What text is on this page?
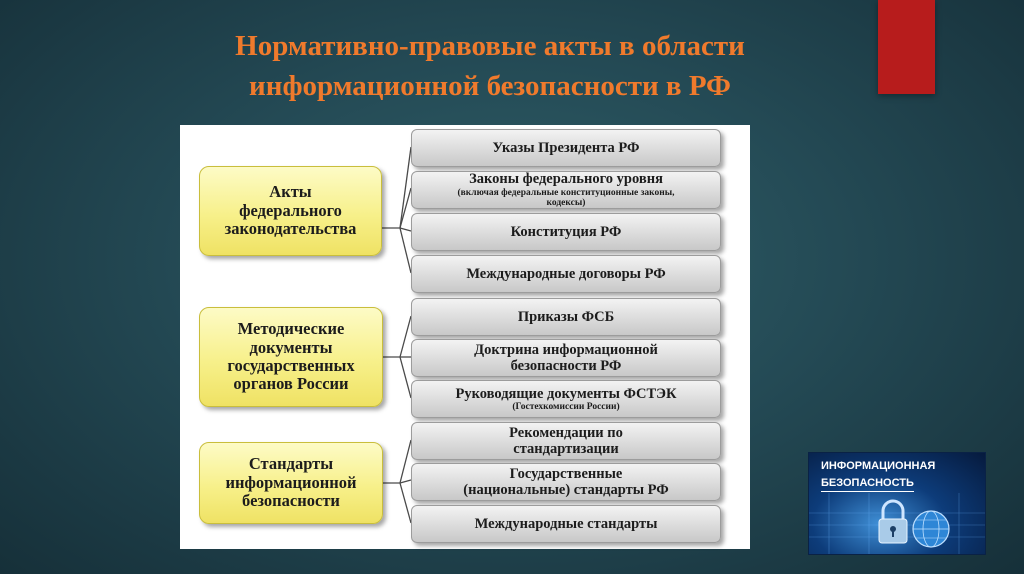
Нормативно-правовые акты в области
информационной безопасности в РФ
Акты
федерального
законодательства
Указы Президента РФ
Законы федерального уровня
(включая федеральные конституционные законы,
кодексы)
Конституция РФ
Международные договоры РФ
Методические
документы
государственных
органов России
Приказы ФСБ
Доктрина информационной
безопасности РФ
Руководящие документы ФСТЭК
(Гостехкомиссии России)
Стандарты
информационной
безопасности
Рекомендации по
стандартизации
Государственные
(национальные) стандарты РФ
Международные стандарты
ИНФОРМАЦИОННАЯ
БЕЗОПАСНОСТЬ
